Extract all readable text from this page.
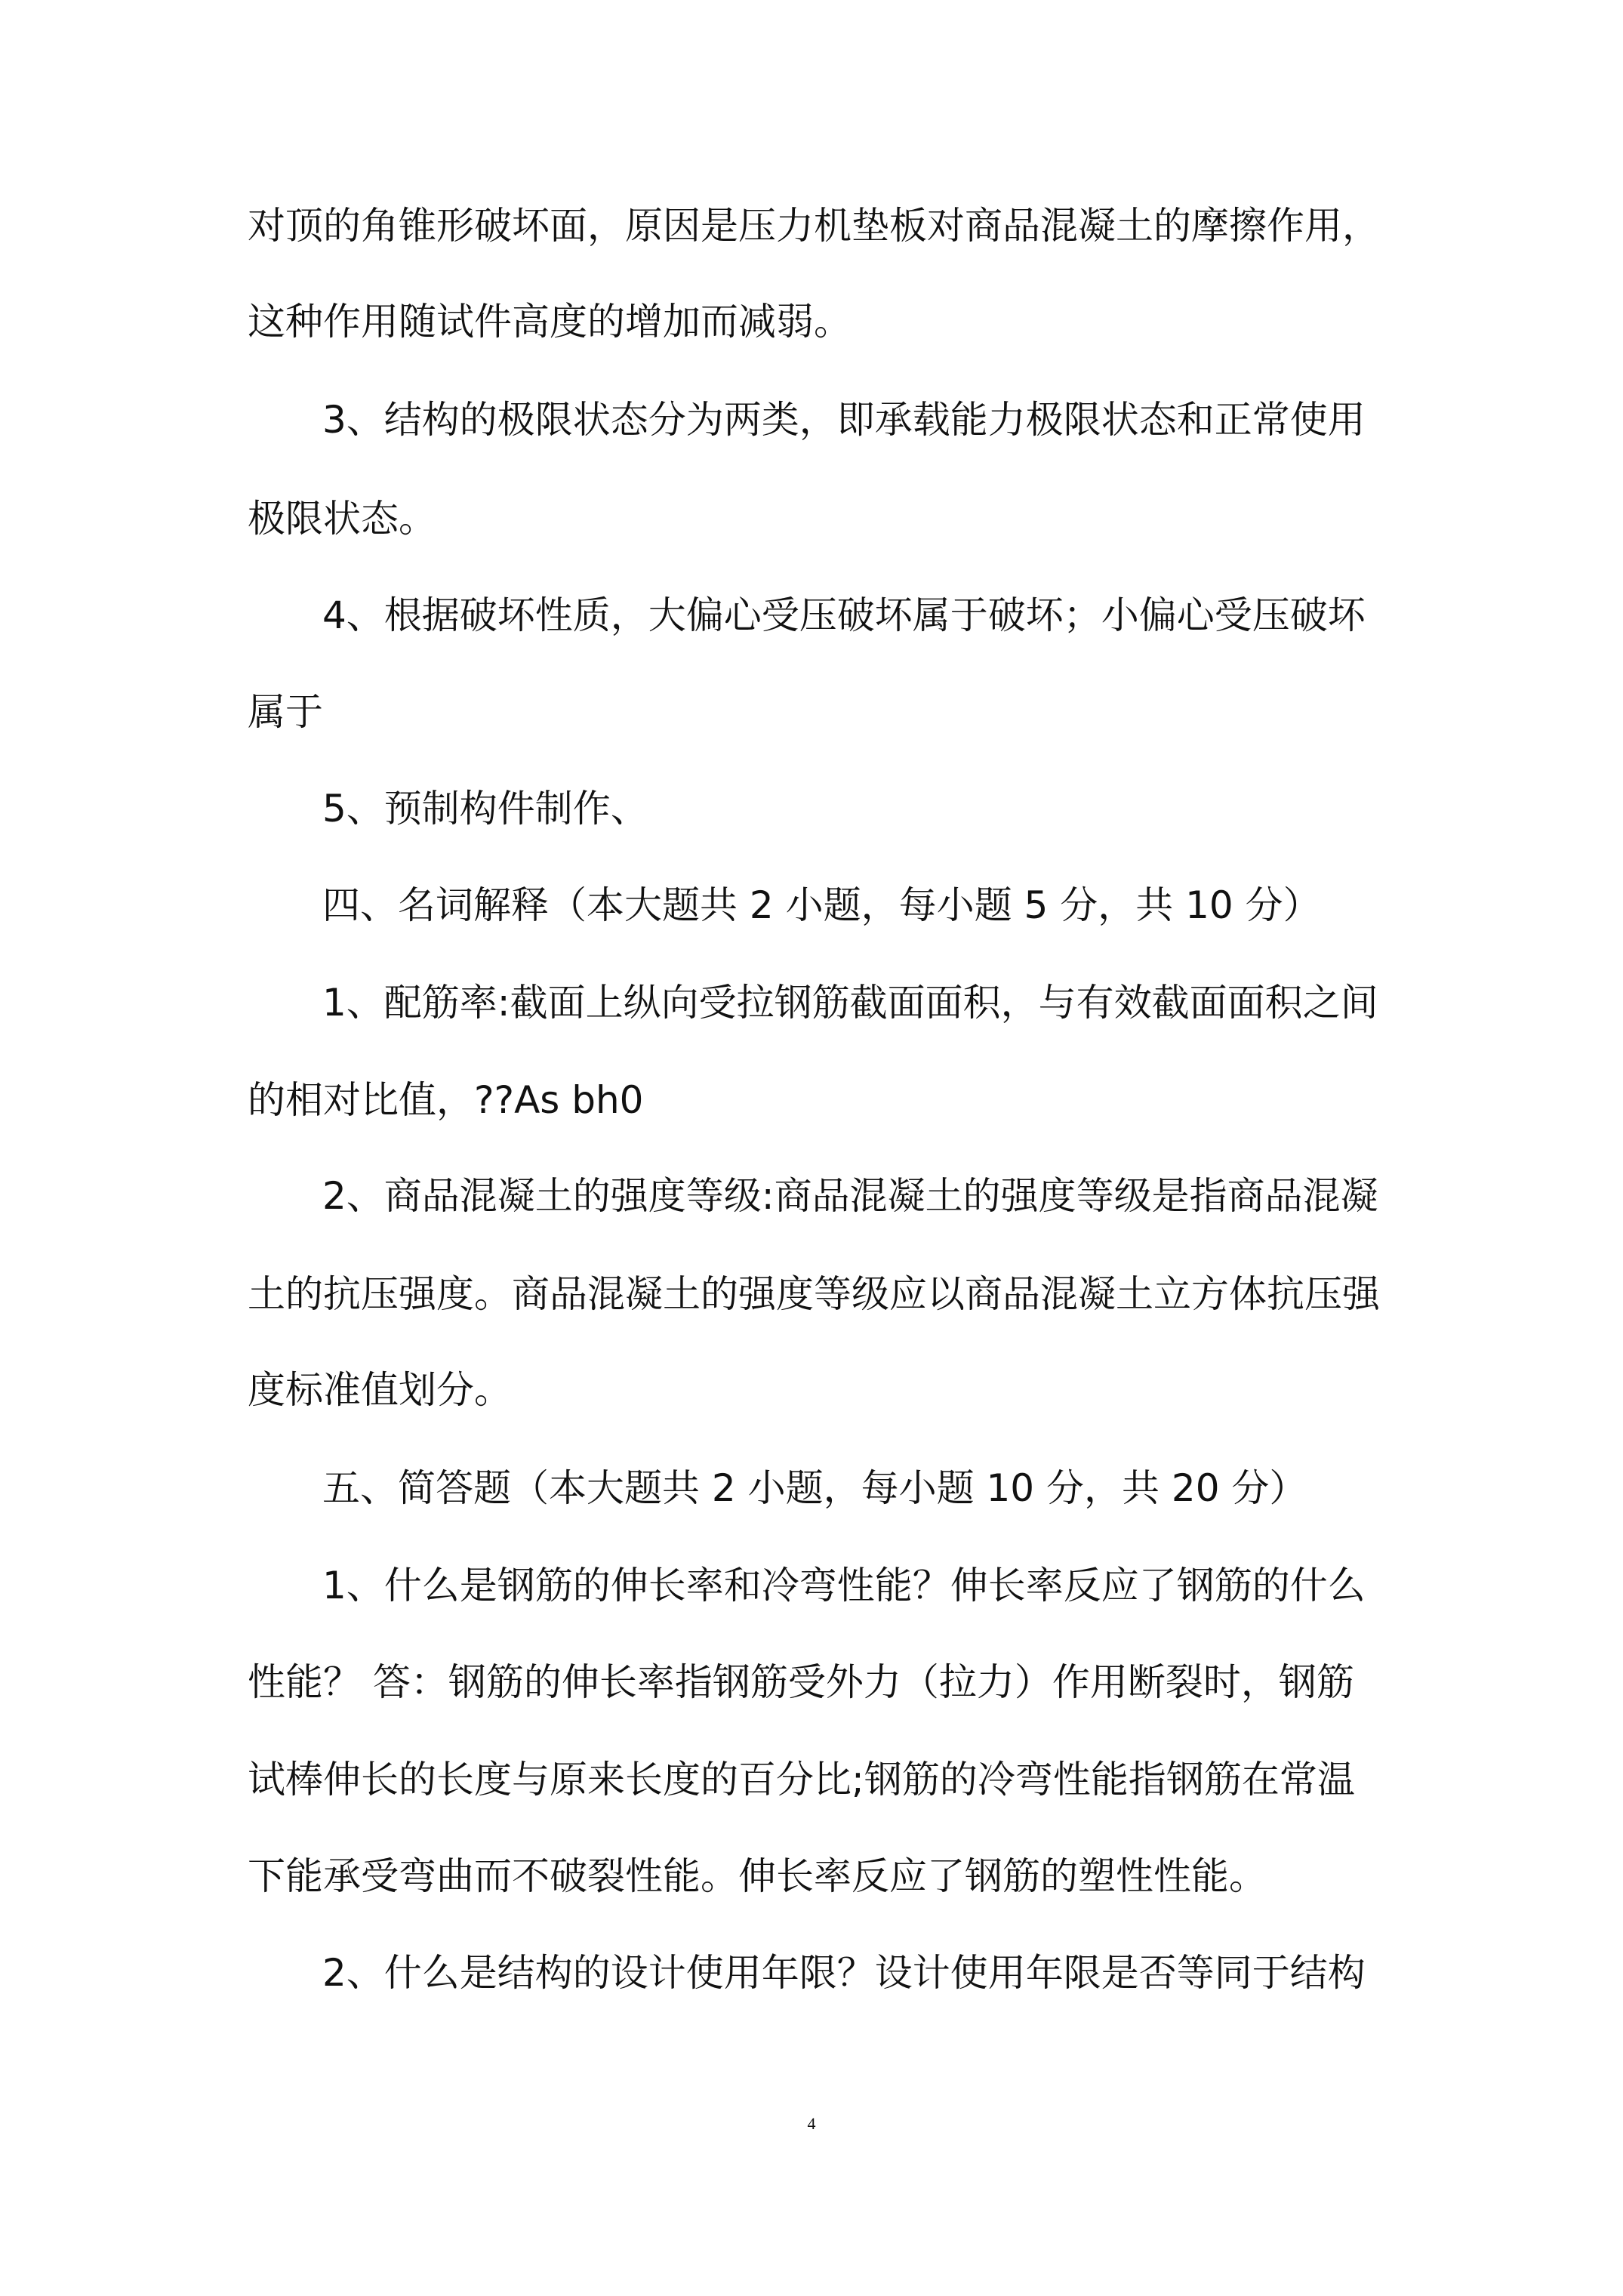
对顶的角锥形破坏面，原因是压力机垫板对商品混凝土的摩擦作用，
这种作用随试件高度的增加而减弱。
3、结构的极限状态分为两类，即承载能力极限状态和正常使用
极限状态。
4、根据破坏性质，大偏心受压破坏属于破坏；小偏心受压破坏
属于
5、预制构件制作、
四、名词解释（本大题共 2 小题，每小题 5 分，共 10 分）
1、配筋率:截面上纵向受拉钢筋截面面积，与有效截面面积之间
的相对比值，??As bh0
2、商品混凝土的强度等级:商品混凝土的强度等级是指商品混凝
土的抗压强度。商品混凝土的强度等级应以商品混凝土立方体抗压强
度标准值划分。
五、简答题（本大题共 2 小题，每小题 10 分，共 20 分）
1、什么是钢筋的伸长率和冷弯性能？伸长率反应了钢筋的什么
性能？ 答：钢筋的伸长率指钢筋受外力（拉力）作用断裂时，钢筋
试棒伸长的长度与原来长度的百分比;钢筋的冷弯性能指钢筋在常温
下能承受弯曲而不破裂性能。伸长率反应了钢筋的塑性性能。
2、什么是结构的设计使用年限？设计使用年限是否等同于结构
4
